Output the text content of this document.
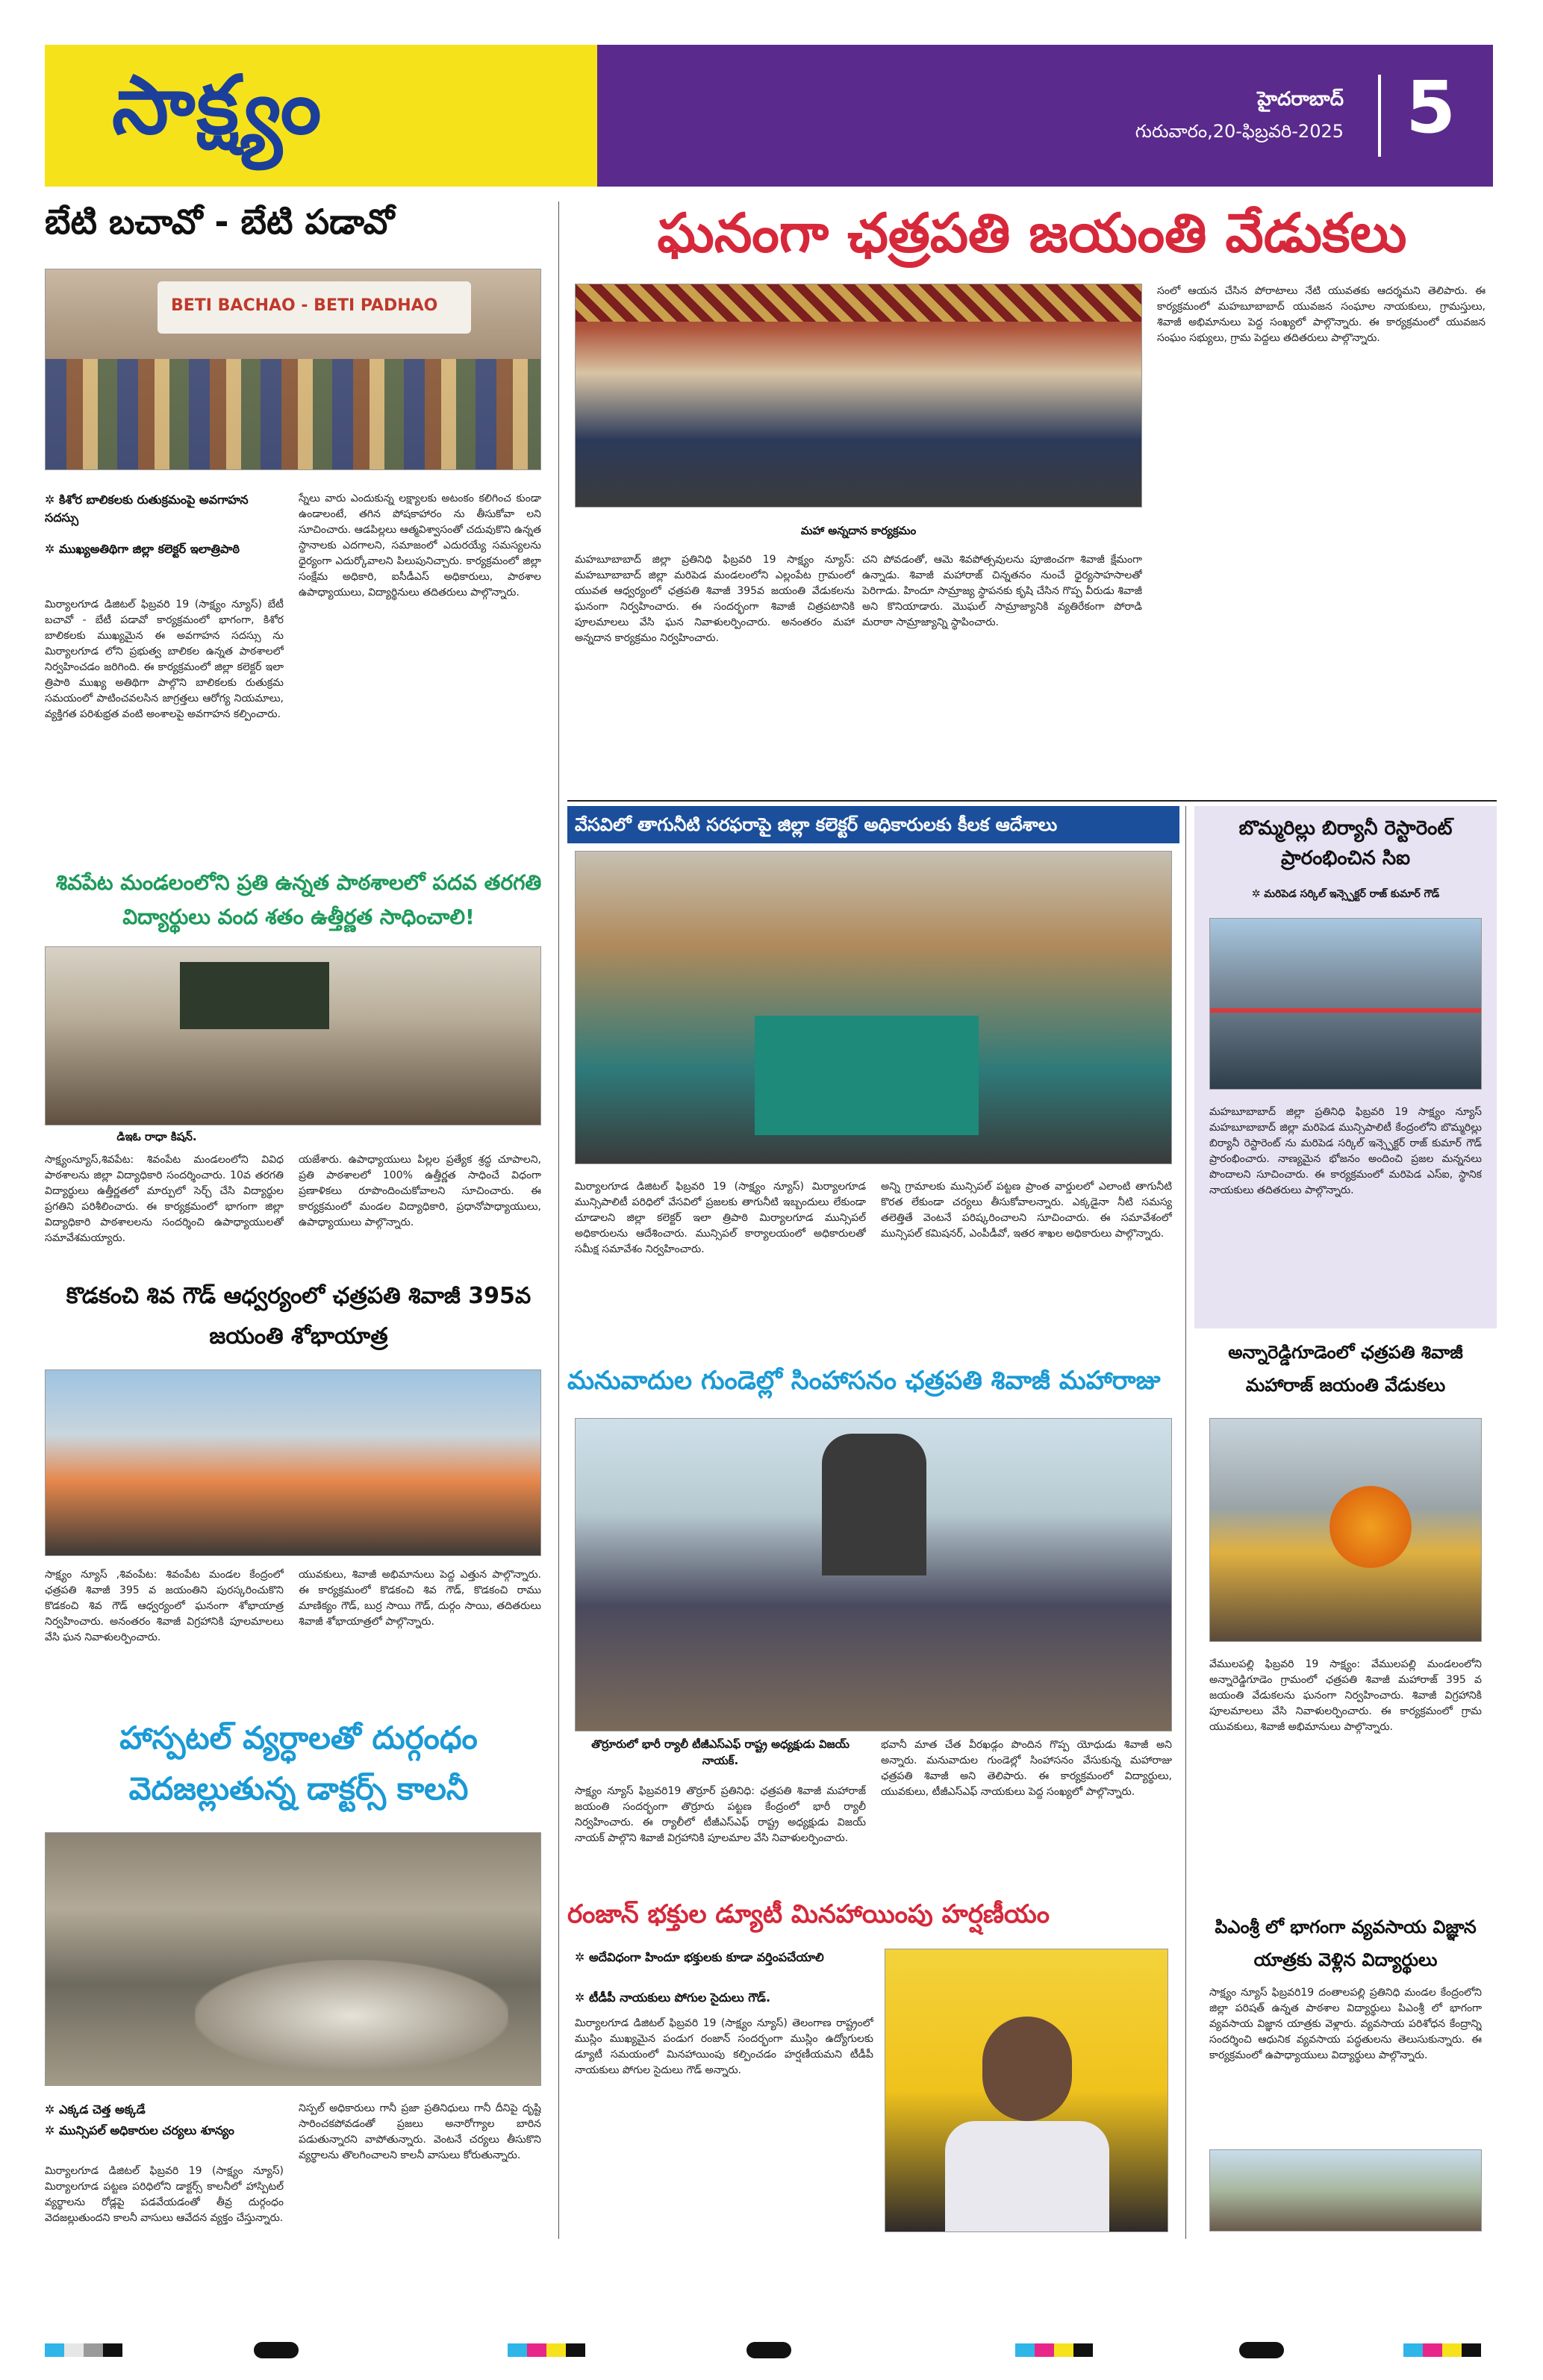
సాక్ష్యం	హైదరాబాద్
గురువారం,20-ఫిబ్రవరి-2025 5
బేటి బచావో - బేటి పడావో
BETI BACHAO - BETI PADHAO
✲ కిశోర బాలికలకు రుతుక్రమంపై అవగాహన సదస్సు
✲ ముఖ్యఅతిథిగా జిల్లా కలెక్టర్ ఇలాత్రిపాఠి
మిర్యాలగూడ డిజిటల్ ఫిబ్రవరి 19 (సాక్ష్యం న్యూస్) బేటీ బచావో - బేటీ పడావో కార్యక్రమంలో భాగంగా, కిశోర బాలికలకు ముఖ్యమైన ఈ అవగాహన సదస్సు ను మిర్యాలగూడ లోని ప్రభుత్వ బాలికల ఉన్నత పాఠశాలలో నిర్వహించడం జరిగింది. ఈ కార్యక్రమంలో జిల్లా కలెక్టర్ ఇలా త్రిపాఠి ముఖ్య అతిథిగా పాల్గొని బాలికలకు రుతుక్రమ సమయంలో పాటించవలసిన జాగ్రత్తలు ఆరోగ్య నియమాలు, వ్యక్తిగత పరిశుభ్రత వంటి అంశాలపై అవగాహన కల్పించారు.
స్నేలు వారు ఎందుకున్న లక్ష్యాలకు అటంకం కలిగించ కుండా ఉండాలంటే, తగిన పోషకాహారం ను తీసుకోవా లని సూచించారు. ఆడపిల్లలు ఆత్మవిశ్వాసంతో చదువుకొని ఉన్నత స్థానాలకు ఎదగాలని, సమాజంలో ఎదురయ్యే సమస్యలను ధైర్యంగా ఎదుర్కోవాలని పిలుపునిచ్చారు. కార్యక్రమంలో జిల్లా సంక్షేమ అధికారి, ఐసీడీఎస్ అధికారులు, పాఠశాల ఉపాధ్యాయులు, విద్యార్థినులు తదితరులు పాల్గొన్నారు.
శివపేట మండలంలోని ప్రతి ఉన్నత పాఠశాలలో పదవ తరగతి విద్యార్థులు వంద శతం ఉత్తీర్ణత సాధించాలి!
డిఇఓ రాధా కిషన్.
సాక్ష్యంన్యూస్,శివపేట: శివంపేట మండలంలోని వివిధ పాఠశాలను జిల్లా విద్యాధికారి సందర్శించారు. 10వ తరగతి విద్యార్థులు ఉత్తీర్ణతలో మార్పులో సెర్చ్ చేసి విద్యార్థుల ప్రగతిని పరిశీలించారు. ఈ కార్యక్రమంలో భాగంగా జిల్లా విద్యాధికారి పాఠశాలలను సందర్శించి ఉపాధ్యాయులతో సమావేశమయ్యారు.
యజేశారు. ఉపాధ్యాయులు పిల్లల ప్రత్యేక శ్రద్ధ చూపాలని, ప్రతి పాఠశాలలో 100% ఉత్తీర్ణత సాధించే విధంగా ప్రణాళికలు రూపొందించుకోవాలని సూచించారు. ఈ కార్యక్రమంలో మండల విద్యాధికారి, ప్రధానోపాధ్యాయులు, ఉపాధ్యాయులు పాల్గొన్నారు.
కొడకంచి శివ గౌడ్ ఆధ్వర్యంలో ఛత్రపతి శివాజీ 395వ జయంతి శోభాయాత్ర
సాక్ష్యం న్యూస్ ,శివంపేట: శివంపేట మండల కేంద్రంలో ఛత్రపతి శివాజీ 395 వ జయంతిని పురస్కరించుకొని కొడకంచి శివ గౌడ్ ఆధ్వర్యంలో ఘనంగా శోభాయాత్ర నిర్వహించారు. అనంతరం శివాజీ విగ్రహానికి పూలమాలలు వేసి ఘన నివాళులర్పించారు.
యువకులు, శివాజీ అభిమానులు పెద్ద ఎత్తున పాల్గొన్నారు. ఈ కార్యక్రమంలో కొడకంచి శివ గౌడ్, కొడకంచి రాము మాణిక్యం గౌడ్, బుర్ర సాయి గౌడ్, దుర్గం సాయి, తదితరులు శివాజీ శోభాయాత్రలో పాల్గొన్నారు.
హాస్పటల్ వ్యర్ధాలతో దుర్గంధం వెదజల్లుతున్న డాక్టర్స్ కాలనీ
✲ ఎక్కడ చెత్త అక్కడే
✲ మున్సిపల్ అధికారుల చర్యలు శూన్యం
మిర్యాలగూడ డిజిటల్ ఫిబ్రవరి 19 (సాక్ష్యం న్యూస్) మిర్యాలగూడ పట్టణ పరిధిలోని డాక్టర్స్ కాలనీలో హాస్పిటల్ వ్యర్థాలను రోడ్లపై పడవేయడంతో తీవ్ర దుర్గంధం వెదజల్లుతుందని కాలనీ వాసులు ఆవేదన వ్యక్తం చేస్తున్నారు.
నిస్పల్ అధికారులు గానీ ప్రజా ప్రతినిధులు గానీ దీనిపై దృష్టి సారించకపోవడంతో ప్రజలు అనారోగ్యాల బారిన పడుతున్నారని వాపోతున్నారు. వెంటనే చర్యలు తీసుకొని వ్యర్థాలను తొలగించాలని కాలనీ వాసులు కోరుతున్నారు.
ఘనంగా ఛత్రపతి జయంతి వేడుకలు
మహా అన్నదాన కార్యక్రమం
మహబూబాబాద్ జిల్లా ప్రతినిధి ఫిబ్రవరి 19 సాక్ష్యం న్యూస్: మహబూబాబాద్ జిల్లా మరిపెడ మండలంలోని ఎల్లంపేట గ్రామంలో యువత ఆధ్వర్యంలో ఛత్రపతి శివాజీ 395వ జయంతి వేడుకలను ఘనంగా నిర్వహించారు. ఈ సందర్భంగా శివాజీ చిత్రపటానికి పూలమాలలు వేసి ఘన నివాళులర్పించారు. అనంతరం మహా అన్నదాన కార్యక్రమం నిర్వహించారు.
చని పోవడంతో, ఆమె శివపోత్సవులను పూజించగా శివాజీ క్షేమంగా ఉన్నాడు. శివాజీ మహారాజ్ చిన్నతనం నుంచే ధైర్యసాహసాలతో పెరిగాడు. హిందూ సామ్రాజ్య స్థాపనకు కృషి చేసిన గొప్ప వీరుడు శివాజీ అని కొనియాడారు. మొఘల్ సామ్రాజ్యానికి వ్యతిరేకంగా పోరాడి మరాఠా సామ్రాజ్యాన్ని స్థాపించారు.
సంలో ఆయన చేసిన పోరాటాలు నేటి యువతకు ఆదర్శమని తెలిపారు. ఈ కార్యక్రమంలో మహబూబాబాద్ యువజన సంఘాల నాయకులు, గ్రామస్తులు, శివాజీ అభిమానులు పెద్ద సంఖ్యలో పాల్గొన్నారు. ఈ కార్యక్రమంలో యువజన సంఘం సభ్యులు, గ్రామ పెద్దలు తదితరులు పాల్గొన్నారు.
వేసవిలో తాగునీటి సరఫరాపై జిల్లా కలెక్టర్ అధికారులకు కీలక ఆదేశాలు
మిర్యాలగూడ డిజిటల్ ఫిబ్రవరి 19 (సాక్ష్యం న్యూస్) మిర్యాలగూడ మున్సిపాలిటీ పరిధిలో వేసవిలో ప్రజలకు తాగునీటి ఇబ్బందులు లేకుండా చూడాలని జిల్లా కలెక్టర్ ఇలా త్రిపాఠి మిర్యాలగూడ మున్సిపల్ అధికారులను ఆదేశించారు. మున్సిపల్ కార్యాలయంలో అధికారులతో సమీక్ష సమావేశం నిర్వహించారు.
అన్ని గ్రామాలకు మున్సిపల్ పట్టణ ప్రాంత వార్డులలో ఎలాంటి తాగునీటి కొరత లేకుండా చర్యలు తీసుకోవాలన్నారు. ఎక్కడైనా నీటి సమస్య తలెత్తితే వెంటనే పరిష్కరించాలని సూచించారు. ఈ సమావేశంలో మున్సిపల్ కమిషనర్, ఎంపీడీవో, ఇతర శాఖల అధికారులు పాల్గొన్నారు.
మనువాదుల గుండెల్లో సింహాసనం ఛత్రపతి శివాజీ మహారాజు
తొర్రూరులో భారీ ర్యాలీ టీజీఎస్ఎఫ్ రాష్ట్ర అధ్యక్షుడు విజయ్ నాయక్.
సాక్ష్యం న్యూస్ ఫిబ్రవరి19 తొర్రూర్ ప్రతినిధి: ఛత్రపతి శివాజీ మహారాజ్ జయంతి సందర్భంగా తొర్రూరు పట్టణ కేంద్రంలో భారీ ర్యాలీ నిర్వహించారు. ఈ ర్యాలీలో టీజీఎస్ఎఫ్ రాష్ట్ర అధ్యక్షుడు విజయ్ నాయక్ పాల్గొని శివాజీ విగ్రహానికి పూలమాల వేసి నివాళులర్పించారు.
భవానీ మాత చేత వీరఖడ్గం పొందిన గొప్ప యోధుడు శివాజీ అని అన్నారు. మనువాదుల గుండెల్లో సింహాసనం వేసుకున్న మహారాజు ఛత్రపతి శివాజీ అని తెలిపారు. ఈ కార్యక్రమంలో విద్యార్థులు, యువకులు, టీజీఎస్ఎఫ్ నాయకులు పెద్ద సంఖ్యలో పాల్గొన్నారు.
రంజాన్ భక్తుల డ్యూటీ మినహాయింపు హర్షణీయం
✲ అదేవిధంగా హిందూ భక్తులకు కూడా వర్తింపచేయాలి
✲ టీడీపీ నాయకులు పోగుల సైదులు గౌడ్.
మిర్యాలగూడ డిజిటల్ ఫిబ్రవరి 19 (సాక్ష్యం న్యూస్) తెలంగాణ రాష్ట్రంలో ముస్లిం ముఖ్యమైన పండుగ రంజాన్ సందర్భంగా ముస్లిం ఉద్యోగులకు డ్యూటీ సమయంలో మినహాయింపు కల్పించడం హర్షణీయమని టీడీపీ నాయకులు పోగుల సైదులు గౌడ్ అన్నారు.
బొమ్మరిల్లు బిర్యానీ రెస్టారెంట్ ప్రారంభించిన సిఐ
✲ మరిపెడ సర్కిల్ ఇన్స్పెక్టర్ రాజ్ కుమార్ గౌడ్
మహబూబాబాద్ జిల్లా ప్రతినిధి ఫిబ్రవరి 19 సాక్ష్యం న్యూస్ మహబూబాబాద్ జిల్లా మరిపెడ మున్సిపాలిటీ కేంద్రంలోని బొమ్మరిల్లు బిర్యానీ రెస్టారెంట్ ను మరిపెడ సర్కిల్ ఇన్స్పెక్టర్ రాజ్ కుమార్ గౌడ్ ప్రారంభించారు. నాణ్యమైన భోజనం అందించి ప్రజల మన్ననలు పొందాలని సూచించారు. ఈ కార్యక్రమంలో మరిపెడ ఎస్ఐ, స్థానిక నాయకులు తదితరులు పాల్గొన్నారు.
అన్నారెడ్డిగూడెంలో ఛత్రపతి శివాజీ మహారాజ్ జయంతి వేడుకలు
వేములపల్లి ఫిబ్రవరి 19 సాక్ష్యం: వేములపల్లి మండలంలోని అన్నారెడ్డిగూడెం గ్రామంలో ఛత్రపతి శివాజీ మహారాజ్ 395 వ జయంతి వేడుకలను ఘనంగా నిర్వహించారు. శివాజీ విగ్రహానికి పూలమాలలు వేసి నివాళులర్పించారు. ఈ కార్యక్రమంలో గ్రామ యువకులు, శివాజీ అభిమానులు పాల్గొన్నారు.
పిఎంశ్రీ లో భాగంగా వ్యవసాయ విజ్ఞాన యాత్రకు వెళ్లిన విద్యార్థులు
సాక్ష్యం న్యూస్ ఫిబ్రవరి19 దంతాలపల్లి ప్రతినిధి మండల కేంద్రంలోని జిల్లా పరిషత్ ఉన్నత పాఠశాల విద్యార్థులు పిఎంశ్రీ లో భాగంగా వ్యవసాయ విజ్ఞాన యాత్రకు వెళ్లారు. వ్యవసాయ పరిశోధన కేంద్రాన్ని సందర్శించి ఆధునిక వ్యవసాయ పద్ధతులను తెలుసుకున్నారు. ఈ కార్యక్రమంలో ఉపాధ్యాయులు విద్యార్థులు పాల్గొన్నారు.
